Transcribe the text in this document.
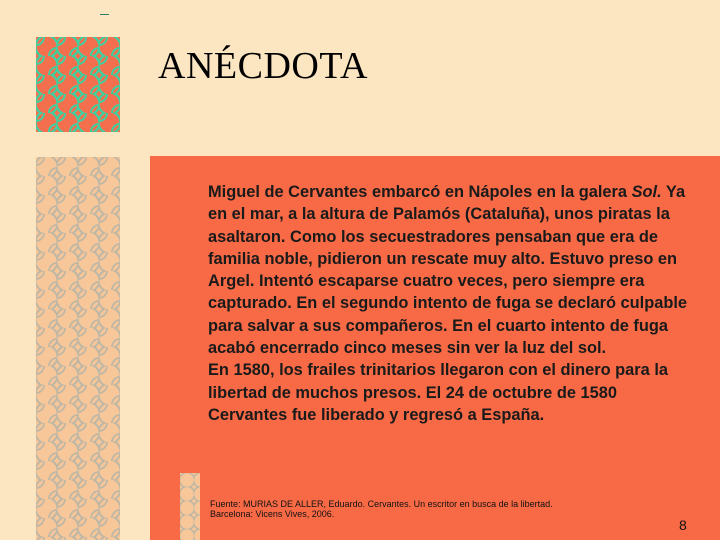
ANÉCDOTA

Miguel de Cervantes embarcó en Nápoles en la galera Sol. Ya en el mar, a la altura de Palamós (Cataluña), unos piratas la asaltaron. Como los secuestradores pensaban que era de familia noble, pidieron un rescate muy alto. Estuvo preso en Argel. Intentó escaparse cuatro veces, pero siempre era capturado. En el segundo intento de fuga se declaró culpable para salvar a sus compañeros. En el cuarto intento de fuga acabó encerrado cinco meses sin ver la luz del sol.

En 1580, los frailes trinitarios llegaron con el dinero para la libertad de muchos presos. El 24 de octubre de 1580 Cervantes fue liberado y regresó a España.

Fuente: MURIAS DE ALLER, Eduardo. Cervantes. Un escritor en busca de la libertad.
Barcelona: Vicens Vives, 2006.
8
